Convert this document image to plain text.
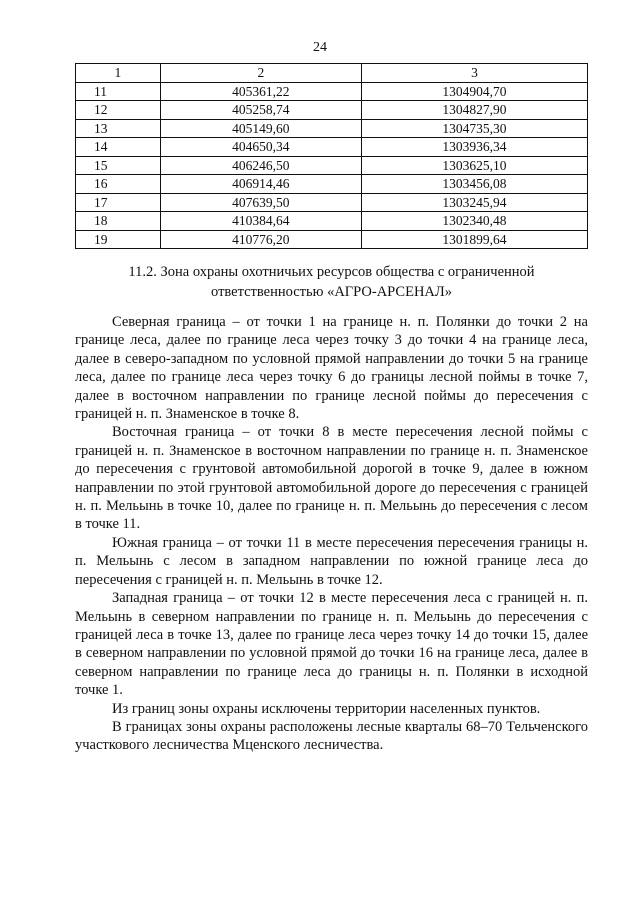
24
1	2	3
11	405361,22	1304904,70
12	405258,74	1304827,90
13	405149,60	1304735,30
14	404650,34	1303936,34
15	406246,50	1303625,10
16	406914,46	1303456,08
17	407639,50	1303245,94
18	410384,64	1302340,48
19	410776,20	1301899,64
11.2. Зона охраны охотничьих ресурсов общества с ограниченной
ответственностью «АГРО-АРСЕНАЛ»

Северная граница – от точки 1 на границе н. п. Полянки до точки 2 на границе леса, далее по границе леса через точку 3 до точки 4 на границе леса, далее в северо-западном по условной прямой направлении до точки 5 на границе леса, далее по границе леса через точку 6 до границы лесной поймы в точке 7, далее в восточном направлении по границе лесной поймы до пересечения с границей н. п. Знаменское в точке 8.

Восточная граница – от точки 8 в месте пересечения лесной поймы с границей н. п. Знаменское в восточном направлении по границе н. п. Знаменское до пересечения с грунтовой автомобильной дорогой в точке 9, далее в южном направлении по этой грунтовой автомобильной дороге до пересечения с границей н. п. Мельынь в точке 10, далее по границе н. п. Мельынь до пересечения с лесом в точке 11.

Южная граница – от точки 11 в месте пересечения пересечения границы н. п. Мельынь с лесом в западном направлении по южной границе леса до пересечения с границей н. п. Мельынь в точке 12.

Западная граница – от точки 12 в месте пересечения леса с границей н. п. Мельынь в северном направлении по границе н. п. Мельынь до пересечения с границей леса в точке 13, далее по границе леса через точку 14 до точки 15, далее в северном направлении по условной прямой до точки 16 на границе леса, далее в северном направлении по границе леса до границы н. п. Полянки в исходной точке 1.

Из границ зоны охраны исключены территории населенных пунктов.

В границах зоны охраны расположены лесные кварталы 68–70 Тельченского участкового лесничества Мценского лесничества.
